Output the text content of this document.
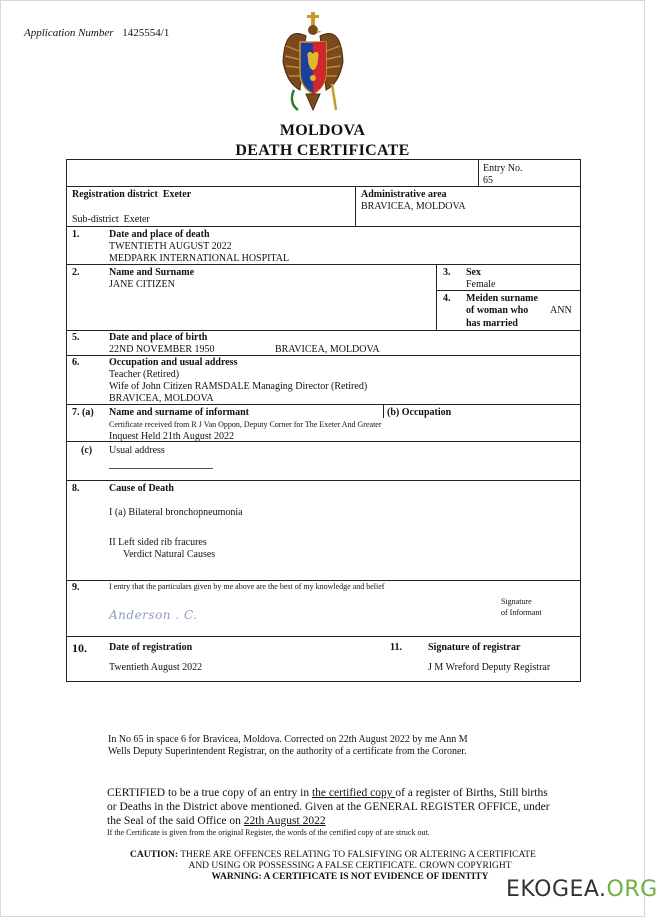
Application Number 1425554/1
MOLDOVA
DEATH CERTIFICATE
Entry No.
65
Registration district Exeter
Sub-district Exeter
Administrative area
BRAVICEA, MOLDOVA
1.	Date and place of death
TWENTIETH AUGUST 2022
MEDPARK INTERNATIONAL HOSPITAL
2.	Name and Surname
JANE CITIZEN
3. Sex
Female
4. Meiden surname
of woman who
has married
ANN
5.	Date and place of birth
22ND NOVEMBER 1950	BRAVICEA, MOLDOVA
6.	Occupation and usual address
Teacher (Retired)
Wife of John Citizen RAMSDALE Managing Director (Retired)
BRAVICEA, MOLDOVA
7. (a) Name and surname of informant	(b) Occupation
Certificate received from R J Van Oppon, Deputy Corner for The Exeter And Greater
Inquest Held 21th August 2022
(c) Usual address
8.	Cause of Death
I (a) Bilateral bronchopneumonia
II Left sided rib fracures
Verdict Natural Causes
9.	I entry that the particulars given by me above are the best of my knowledge and belief
Anderson . C.
Signature
of Informant
10. Date of registration
Twentieth August 2022
11.	Signature of registrar
J M Wreford Deputy Registrar
In No 65 in space 6 for Bravicea, Moldova. Corrected on 22th August 2022 by me Ann M
Wells Deputy Superintendent Registrar, on the authority of a certificate from the Coroner.
CERTIFIED to be a true copy of an entry in the certified copy of a register of Births, Still births
or Deaths in the District above mentioned. Given at the GENERAL REGISTER OFFICE, under
the Seal of the said Office on 22th August 2022
If the Certificate is given from the original Register, the words of the certified copy of are struck out.
CAUTION: THERE ARE OFFENCES RELATING TO FALSIFYING OR ALTERING A CERTIFICATE
AND USING OR POSSESSING A FALSE CERTIFICATE. CROWN COPYRIGHT
WARNING: A CERTIFICATE IS NOT EVIDENCE OF IDENTITY EKOGEA.ORG
